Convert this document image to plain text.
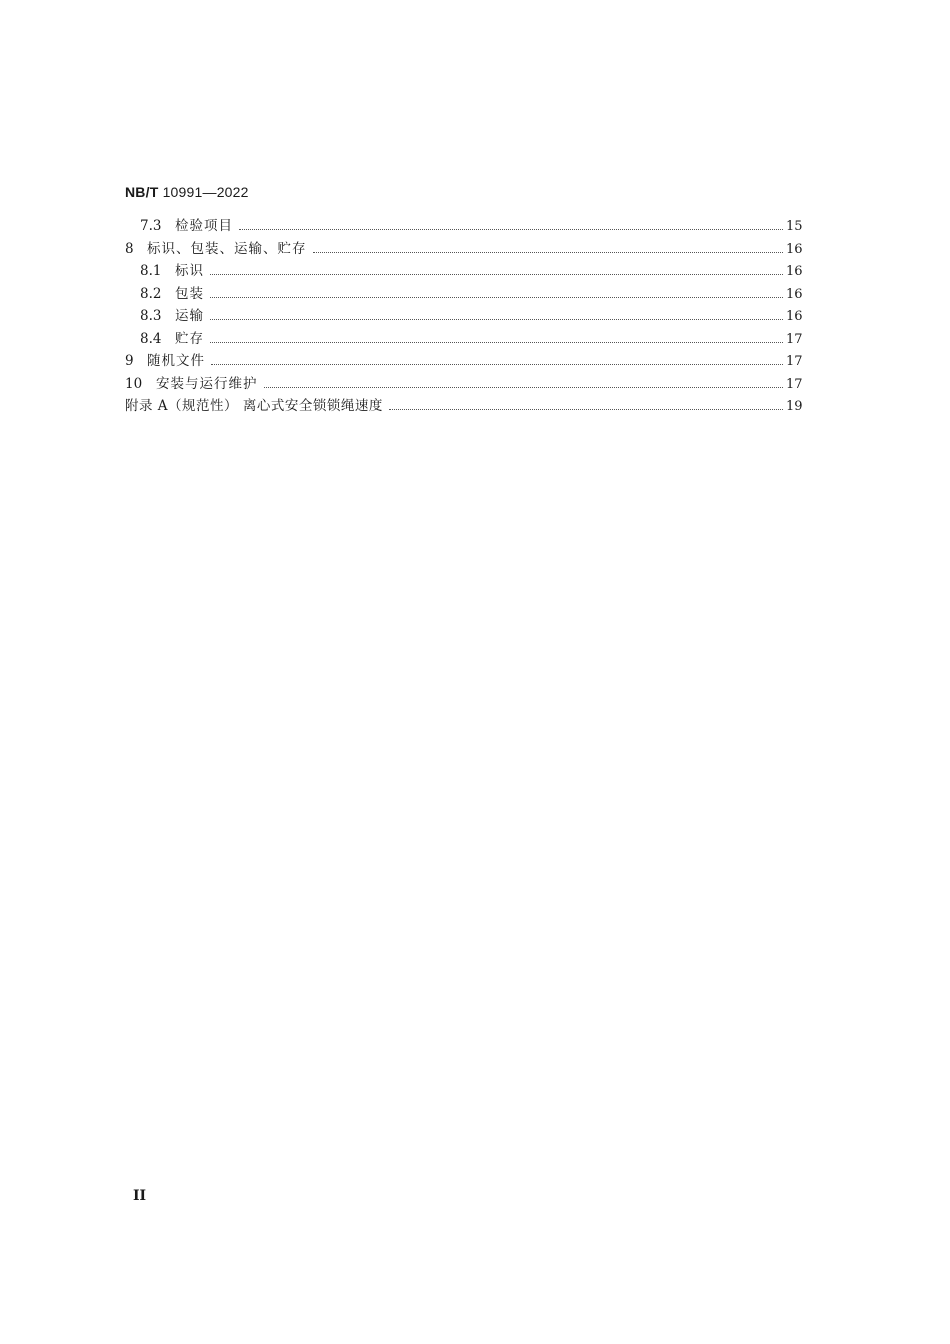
NB/T 10991—2022
7.3	检验项目	15
8 标识、包装、运输、贮存	16
8.1	标识	16
8.2	包装	16
8.3	运输	16
8.4	贮存	17
9 随机文件	17
10	安装与运行维护	17
附录 A（规范性） 离心式安全锁锁绳速度	19
II
